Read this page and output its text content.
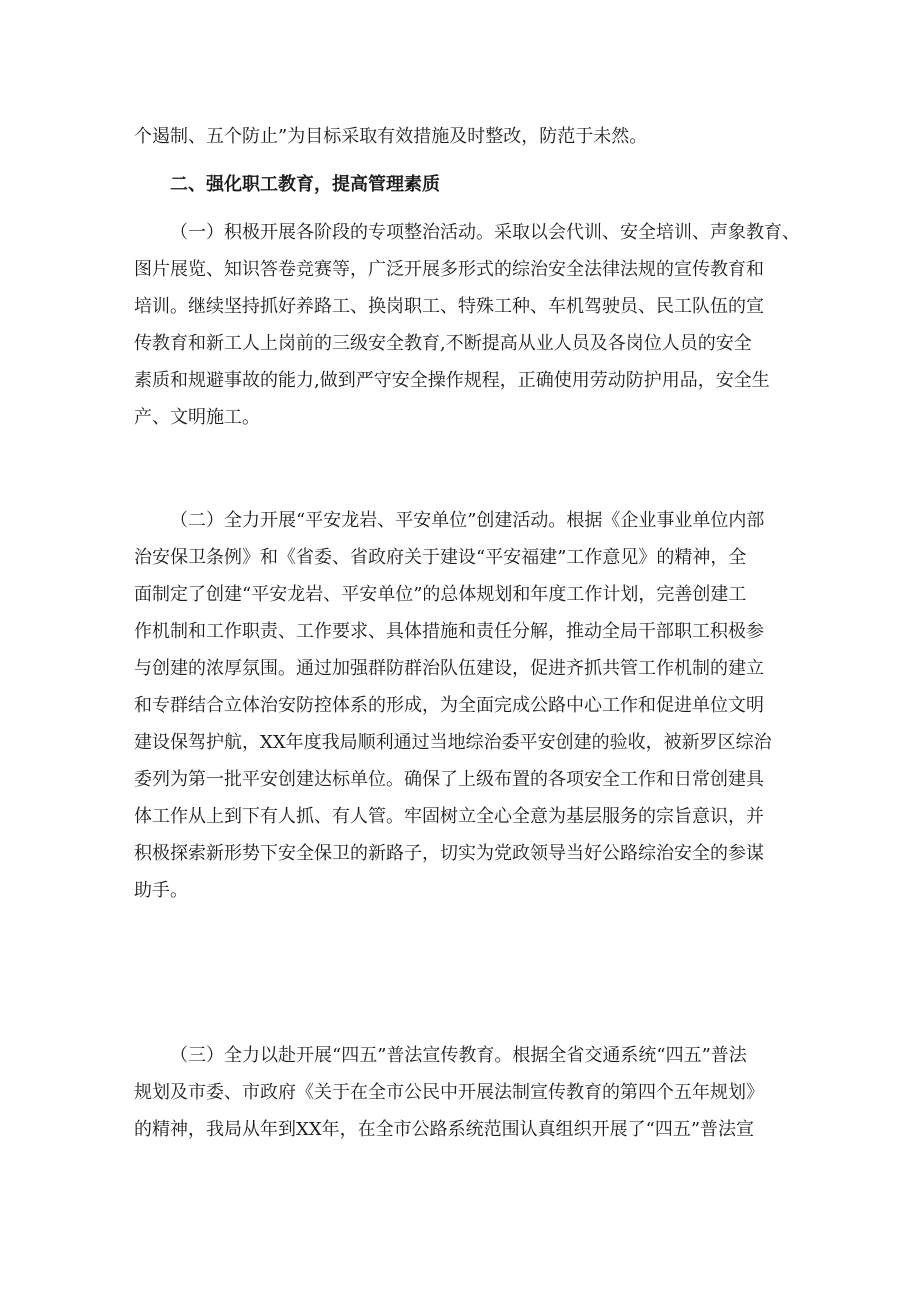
个遏制、五个防止”为目标采取有效措施及时整改，防范于未然。
二、强化职工教育，提高管理素质
（一）积极开展各阶段的专项整治活动。采取以会代训、安全培训、声象教育、
图片展览、知识答卷竞赛等，广泛开展多形式的综治安全法律法规的宣传教育和
培训。继续坚持抓好养路工、换岗职工、特殊工种、车机驾驶员、民工队伍的宣
传教育和新工人上岗前的三级安全教育,不断提高从业人员及各岗位人员的安全
素质和规避事故的能力,做到严守安全操作规程，正确使用劳动防护用品，安全生
产、文明施工。
（二）全力开展“平安龙岩、平安单位”创建活动。根据《企业事业单位内部
治安保卫条例》和《省委、省政府关于建设“平安福建”工作意见》的精神，全
面制定了创建“平安龙岩、平安单位”的总体规划和年度工作计划，完善创建工
作机制和工作职责、工作要求、具体措施和责任分解，推动全局干部职工积极参
与创建的浓厚氛围。通过加强群防群治队伍建设，促进齐抓共管工作机制的建立
和专群结合立体治安防控体系的形成，为全面完成公路中心工作和促进单位文明
建设保驾护航，XX年度我局顺利通过当地综治委平安创建的验收，被新罗区综治
委列为第一批平安创建达标单位。确保了上级布置的各项安全工作和日常创建具
体工作从上到下有人抓、有人管。牢固树立全心全意为基层服务的宗旨意识，并
积极探索新形势下安全保卫的新路子，切实为党政领导当好公路综治安全的参谋
助手。
（三）全力以赴开展“四五”普法宣传教育。根据全省交通系统“四五”普法
规划及市委、市政府《关于在全市公民中开展法制宣传教育的第四个五年规划》
的精神，我局从年到XX年，在全市公路系统范围认真组织开展了“四五”普法宣
